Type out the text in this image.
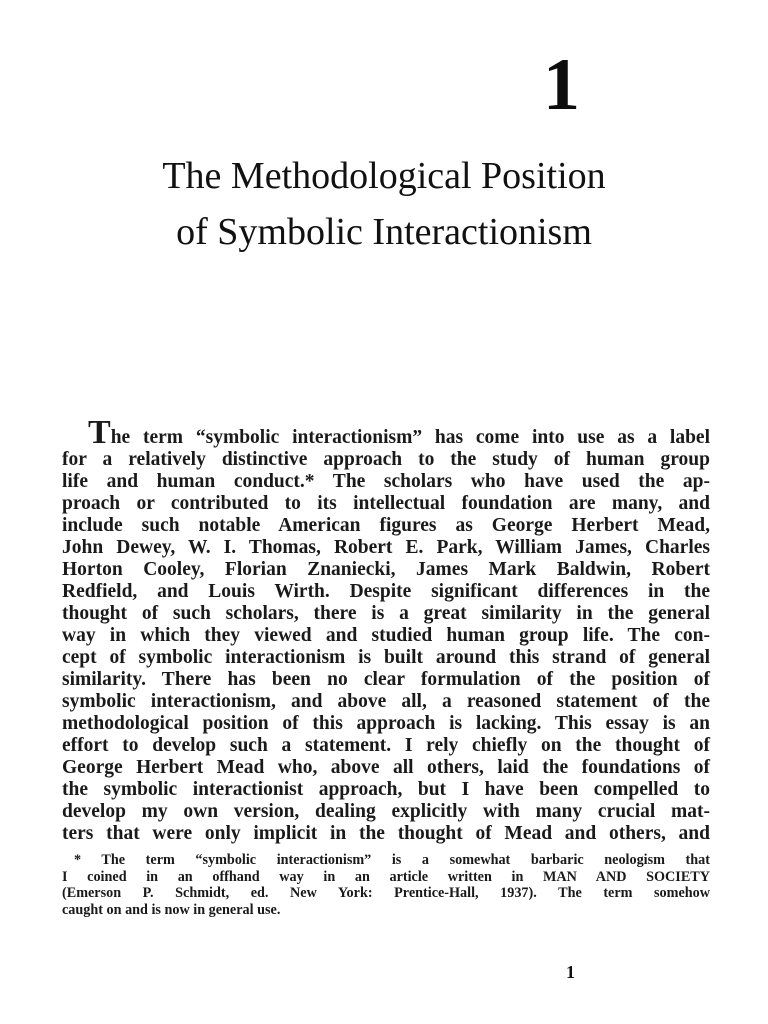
1
The Methodological Position
of Symbolic Interactionism
The term “symbolic interactionism” has come into use as a label
for a relatively distinctive approach to the study of human group
life and human conduct.* The scholars who have used the ap-
proach or contributed to its intellectual foundation are many, and
include such notable American figures as George Herbert Mead,
John Dewey, W. I. Thomas, Robert E. Park, William James, Charles
Horton Cooley, Florian Znaniecki, James Mark Baldwin, Robert
Redfield, and Louis Wirth. Despite significant differences in the
thought of such scholars, there is a great similarity in the general
way in which they viewed and studied human group life. The con-
cept of symbolic interactionism is built around this strand of general
similarity. There has been no clear formulation of the position of
symbolic interactionism, and above all, a reasoned statement of the
methodological position of this approach is lacking. This essay is an
effort to develop such a statement. I rely chiefly on the thought of
George Herbert Mead who, above all others, laid the foundations of
the symbolic interactionist approach, but I have been compelled to
develop my own version, dealing explicitly with many crucial mat-
ters that were only implicit in the thought of Mead and others, and
* The term “symbolic interactionism” is a somewhat barbaric neologism that
I coined in an offhand way in an article written in MAN AND SOCIETY
(Emerson P. Schmidt, ed. New York: Prentice-Hall, 1937). The term somehow
caught on and is now in general use.
1
